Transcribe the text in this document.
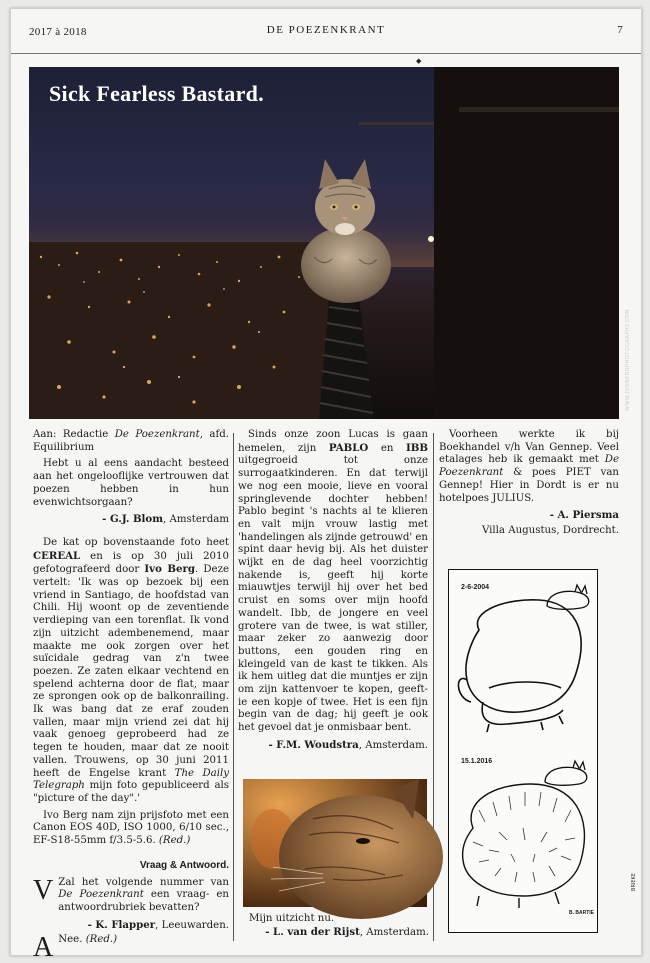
2017 à 2018	DE POEZENKRANT	7
◆
Sick Fearless Bastard.
WWW.IVOBERGPHOTOGRAPHY.COM

Aan: Redactie De Poezenkrant, afd. Equilibrium

Hebt u al eens aandacht besteed aan het ongelooflijke vertrouwen dat poezen hebben in hun evenwichtsorgaan?

- G.J. Blom, Amsterdam

De kat op bovenstaande foto heet CEREAL en is op 30 juli 2010 gefotografeerd door Ivo Berg. Deze vertelt: 'Ik was op bezoek bij een vriend in Santiago, de hoofdstad van Chili. Hij woont op de zeventiende verdieping van een torenflat. Ik vond zijn uitzicht adembenemend, maar maakte me ook zorgen over het suïcidale gedrag van z'n twee poezen. Ze zaten elkaar vechtend en spelend achterna door de flat, maar ze sprongen ook op de balkonrailing. Ik was bang dat ze eraf zouden vallen, maar mijn vriend zei dat hij vaak genoeg geprobeerd had ze tegen te houden, maar dat ze nooit vallen. Trouwens, op 30 juni 2011 heeft de Engelse krant The Daily Telegraph mijn foto gepubliceerd als "picture of the day".'

Ivo Berg nam zijn prijsfoto met een Canon EOS 40D, ISO 1000, 6/10 sec., EF-S18-55mm f/3.5-5.6. (Red.)

Vraag & Antwoord.

V Zal het volgende nummer van De Poezenkrant een vraag- en antwoordrubriek bevatten?

- K. Flapper, Leeuwarden.

A Nee. (Red.)

Sinds onze zoon Lucas is gaan hemelen, zijn PABLO en IBB uitgegroeid tot onze surrogaatkinderen. En dat terwijl we nog een mooie, lieve en vooral springlevende dochter hebben! Pablo begint 's nachts al te klieren en valt mijn vrouw lastig met 'handelingen als zijnde getrouwd' en spint daar hevig bij. Als het duister wijkt en de dag heel voorzichtig nakende is, geeft hij korte miauwtjes terwijl hij over het bed cruist en soms over mijn hoofd wandelt. Ibb, de jongere en veel grotere van de twee, is wat stiller, maar zeker zo aanwezig door buttons, een gouden ring en kleingeld van de kast te tikken. Als ik hem uitleg dat die muntjes er zijn om zijn kattenvoer te kopen, geeft-ie een kopje of twee. Het is een fijn begin van de dag; hij geeft je ook het gevoel dat je onmisbaar bent.

- F.M. Woudstra, Amsterdam.
Mijn uitzicht nu.
- L. van der Rijst, Amsterdam.

Voorheen werkte ik bij Boekhandel v/h Van Gennep. Veel etalages heb ik gemaakt met De Poezenkrant & poes PIET van Gennep! Hier in Dordt is er nu hotelpoes JULIUS.

- A. Piersma
Villa Augustus, Dordrecht.
2-6-2004
15.1.2016
B. BARTIE
BRIEKE
